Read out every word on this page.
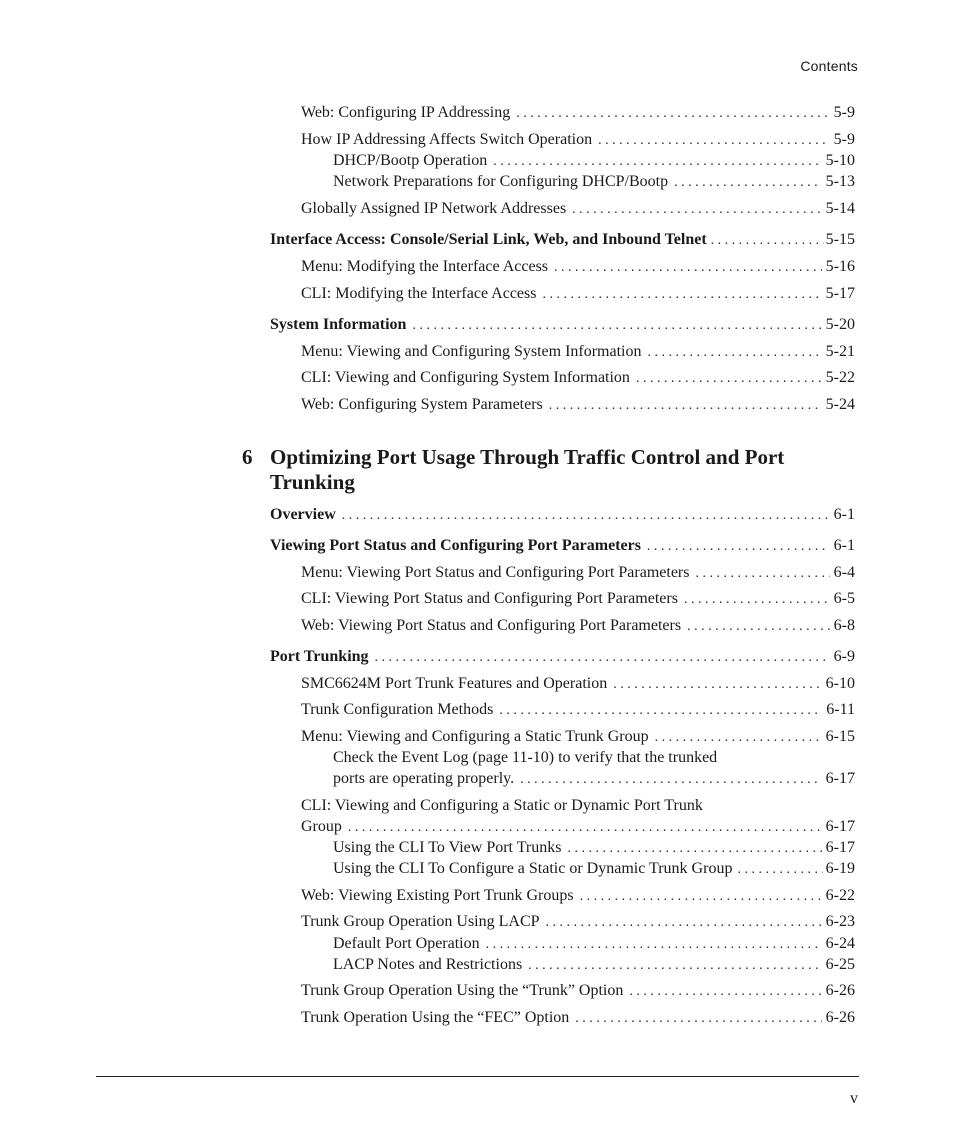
Contents
Web: Configuring IP Addressing . . .	5-9
How IP Addressing Affects Switch Operation . . .	5-9
DHCP/Bootp Operation . . .	5-10
Network Preparations for Configuring DHCP/Bootp . . .	5-13
Globally Assigned IP Network Addresses . . .	5-14
Interface Access: Console/Serial Link, Web, and Inbound Telnet . . .	5-15
Menu: Modifying the Interface Access . . .	5-16
CLI: Modifying the Interface Access . . .	5-17
System Information . . .	5-20
Menu: Viewing and Configuring System Information . . .	5-21
CLI: Viewing and Configuring System Information . . .	5-22
Web: Configuring System Parameters . . .	5-24
6 Optimizing Port Usage Through Traffic Control and Port Trunking
Overview . . .	6-1
Viewing Port Status and Configuring Port Parameters . . .	6-1
Menu: Viewing Port Status and Configuring Port Parameters . . .	6-4
CLI: Viewing Port Status and Configuring Port Parameters . . .	6-5
Web: Viewing Port Status and Configuring Port Parameters . . .	6-8
Port Trunking . . .	6-9
SMC6624M Port Trunk Features and Operation . . .	6-10
Trunk Configuration Methods . . .	6-11
Menu: Viewing and Configuring a Static Trunk Group . . .	6-15
Check the Event Log (page 11-10) to verify that the trunked
ports are operating properly. . . .	6-17
CLI: Viewing and Configuring a Static or Dynamic Port Trunk
Group . . .	6-17
Using the CLI To View Port Trunks . . .	6-17
Using the CLI To Configure a Static or Dynamic Trunk Group . . .	6-19
Web: Viewing Existing Port Trunk Groups . . .	6-22
Trunk Group Operation Using LACP . . .	6-23
Default Port Operation . . .	6-24
LACP Notes and Restrictions . . .	6-25
Trunk Group Operation Using the “Trunk” Option . . .	6-26
Trunk Operation Using the “FEC” Option . . .	6-26
v
